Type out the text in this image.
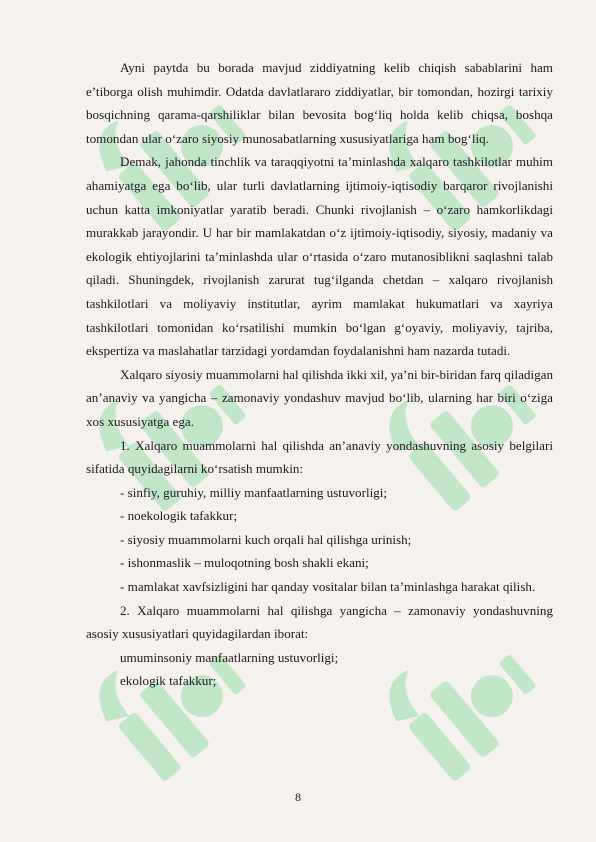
Ayni paytda bu borada mavjud ziddiyatning kelib chiqish sabablarini ham e’tiborga olish muhimdir. Odatda davlatlararo ziddiyatlar, bir tomondan, hozirgi tarixiy bosqichning qarama-qarshiliklar bilan bevosita bog‘liq holda kelib chiqsa, boshqa tomondan ular o‘zaro siyosiy munosabatlarning xususiyatlariga ham bog‘liq.

Demak, jahonda tinchlik va taraqqiyotni ta’minlashda xalqaro tashkilotlar muhim ahamiyatga ega bo‘lib, ular turli davlatlarning ijtimoiy-iqtisodiy barqaror rivojlanishi uchun katta imkoniyatlar yaratib beradi. Chunki rivojlanish – o‘zaro hamkorlikdagi murakkab jarayondir. U har bir mamlakatdan o‘z ijtimoiy-iqtisodiy, siyosiy, madaniy va ekologik ehtiyojlarini ta’minlashda ular o‘rtasida o‘zaro mutanosiblikni saqlashni talab qiladi. Shuningdek, rivojlanish zarurat tug‘ilganda chetdan – xalqaro rivojlanish tashkilotlari va moliyaviy institutlar, ayrim mamlakat hukumatlari va xayriya tashkilotlari tomonidan ko‘rsatilishi mumkin bo‘lgan g‘oyaviy, moliyaviy, tajriba, ekspertiza va maslahatlar tarzidagi yordamdan foydalanishni ham nazarda tutadi.

Xalqaro siyosiy muammolarni hal qilishda ikki xil, ya’ni bir-biridan farq qiladigan an’anaviy va yangicha – zamonaviy yondashuv mavjud bo‘lib, ularning har biri o‘ziga xos xususiyatga ega.

1. Xalqaro muammolarni hal qilishda an’anaviy yondashuvning asosiy belgilari sifatida quyidagilarni ko‘rsatish mumkin:

- sinfiy, guruhiy, milliy manfaatlarning ustuvorligi;

- noekologik tafakkur;

- siyosiy muammolarni kuch orqali hal qilishga urinish;

- ishonmaslik – muloqotning bosh shakli ekani;

- mamlakat xavfsizligini har qanday vositalar bilan ta’minlashga harakat qilish.

2. Xalqaro muammolarni hal qilishga yangicha – zamonaviy yondashuvning asosiy xususiyatlari quyidagilardan iborat:

umuminsoniy manfaatlarning ustuvorligi;

ekologik tafakkur;

8
